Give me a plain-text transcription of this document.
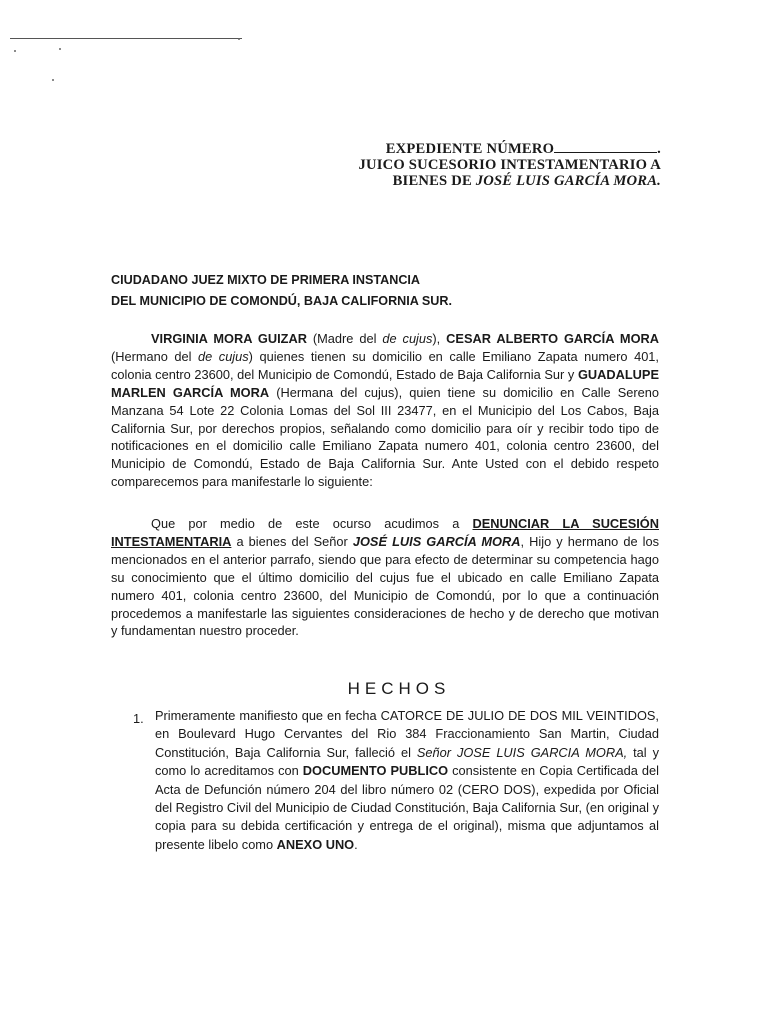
EXPEDIENTE NÚMERO	.
JUICO SUCESORIO INTESTAMENTARIO A
BIENES DE JOSÉ LUIS GARCÍA MORA.
CIUDADANO JUEZ MIXTO DE PRIMERA INSTANCIA
DEL MUNICIPIO DE COMONDÚ, BAJA CALIFORNIA SUR.
VIRGINIA MORA GUIZAR (Madre del de cujus), CESAR ALBERTO GARCÍA MORA (Hermano del de cujus) quienes tienen su domicilio en calle Emiliano Zapata numero 401, colonia centro 23600, del Municipio de Comondú, Estado de Baja California Sur y GUADALUPE MARLEN GARCÍA MORA (Hermana del cujus), quien tiene su domicilio en Calle Sereno Manzana 54 Lote 22 Colonia Lomas del Sol III 23477, en el Municipio del Los Cabos, Baja California Sur, por derechos propios, señalando como domicilio para oír y recibir todo tipo de notificaciones en el domicilio calle Emiliano Zapata numero 401, colonia centro 23600, del Municipio de Comondú, Estado de Baja California Sur. Ante Usted con el debido respeto comparecemos para manifestarle lo siguiente:
Que por medio de este ocurso acudimos a DENUNCIAR LA SUCESIÓN INTESTAMENTARIA a bienes del Señor JOSÉ LUIS GARCÍA MORA, Hijo y hermano de los mencionados en el anterior parrafo, siendo que para efecto de determinar su competencia hago su conocimiento que el último domicilio del cujus fue el ubicado en calle Emiliano Zapata numero 401, colonia centro 23600, del Municipio de Comondú, por lo que a continuación procedemos a manifestarle las siguientes consideraciones de hecho y de derecho que motivan y fundamentan nuestro proceder.
HECHOS
1. Primeramente manifiesto que en fecha CATORCE DE JULIO DE DOS MIL VEINTIDOS, en Boulevard Hugo Cervantes del Rio 384 Fraccionamiento San Martin, Ciudad Constitución, Baja California Sur, falleció el Señor JOSE LUIS GARCIA MORA, tal y como lo acreditamos con DOCUMENTO PUBLICO consistente en Copia Certificada del Acta de Defunción número 204 del libro número 02 (CERO DOS), expedida por Oficial del Registro Civil del Municipio de Ciudad Constitución, Baja California Sur, (en original y copia para su debida certificación y entrega de el original), misma que adjuntamos al presente libelo como ANEXO UNO.
